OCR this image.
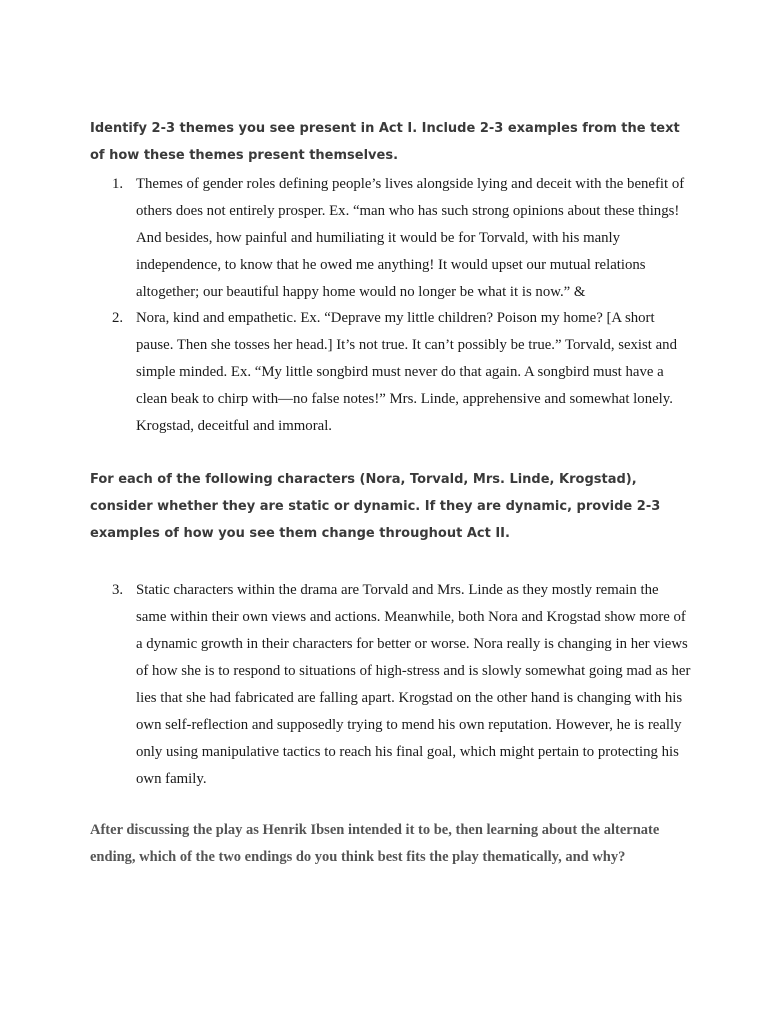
Identify 2-3 themes you see present in Act I. Include 2-3 examples from the text of how these themes present themselves.

1. Themes of gender roles defining people’s lives alongside lying and deceit with the benefit of others does not entirely prosper. Ex. “man who has such strong opinions about these things! And besides, how painful and humiliating it would be for Torvald, with his manly independence, to know that he owed me anything! It would upset our mutual relations altogether; our beautiful happy home would no longer be what it is now.” &
2. Nora, kind and empathetic. Ex. “Deprave my little children? Poison my home? [A short pause. Then she tosses her head.] It’s not true. It can’t possibly be true.” Torvald, sexist and simple minded. Ex. “My little songbird must never do that again. A songbird must have a clean beak to chirp with—no false notes!” Mrs. Linde, apprehensive and somewhat lonely. Krogstad, deceitful and immoral.

For each of the following characters (Nora, Torvald, Mrs. Linde, Krogstad), consider whether they are static or dynamic. If they are dynamic, provide 2-3 examples of how you see them change throughout Act II.

3. Static characters within the drama are Torvald and Mrs. Linde as they mostly remain the same within their own views and actions. Meanwhile, both Nora and Krogstad show more of a dynamic growth in their characters for better or worse. Nora really is changing in her views of how she is to respond to situations of high-stress and is slowly somewhat going mad as her lies that she had fabricated are falling apart. Krogstad on the other hand is changing with his own self-reflection and supposedly trying to mend his own reputation. However, he is really only using manipulative tactics to reach his final goal, which might pertain to protecting his own family.

After discussing the play as Henrik Ibsen intended it to be, then learning about the alternate ending, which of the two endings do you think best fits the play thematically, and why?
